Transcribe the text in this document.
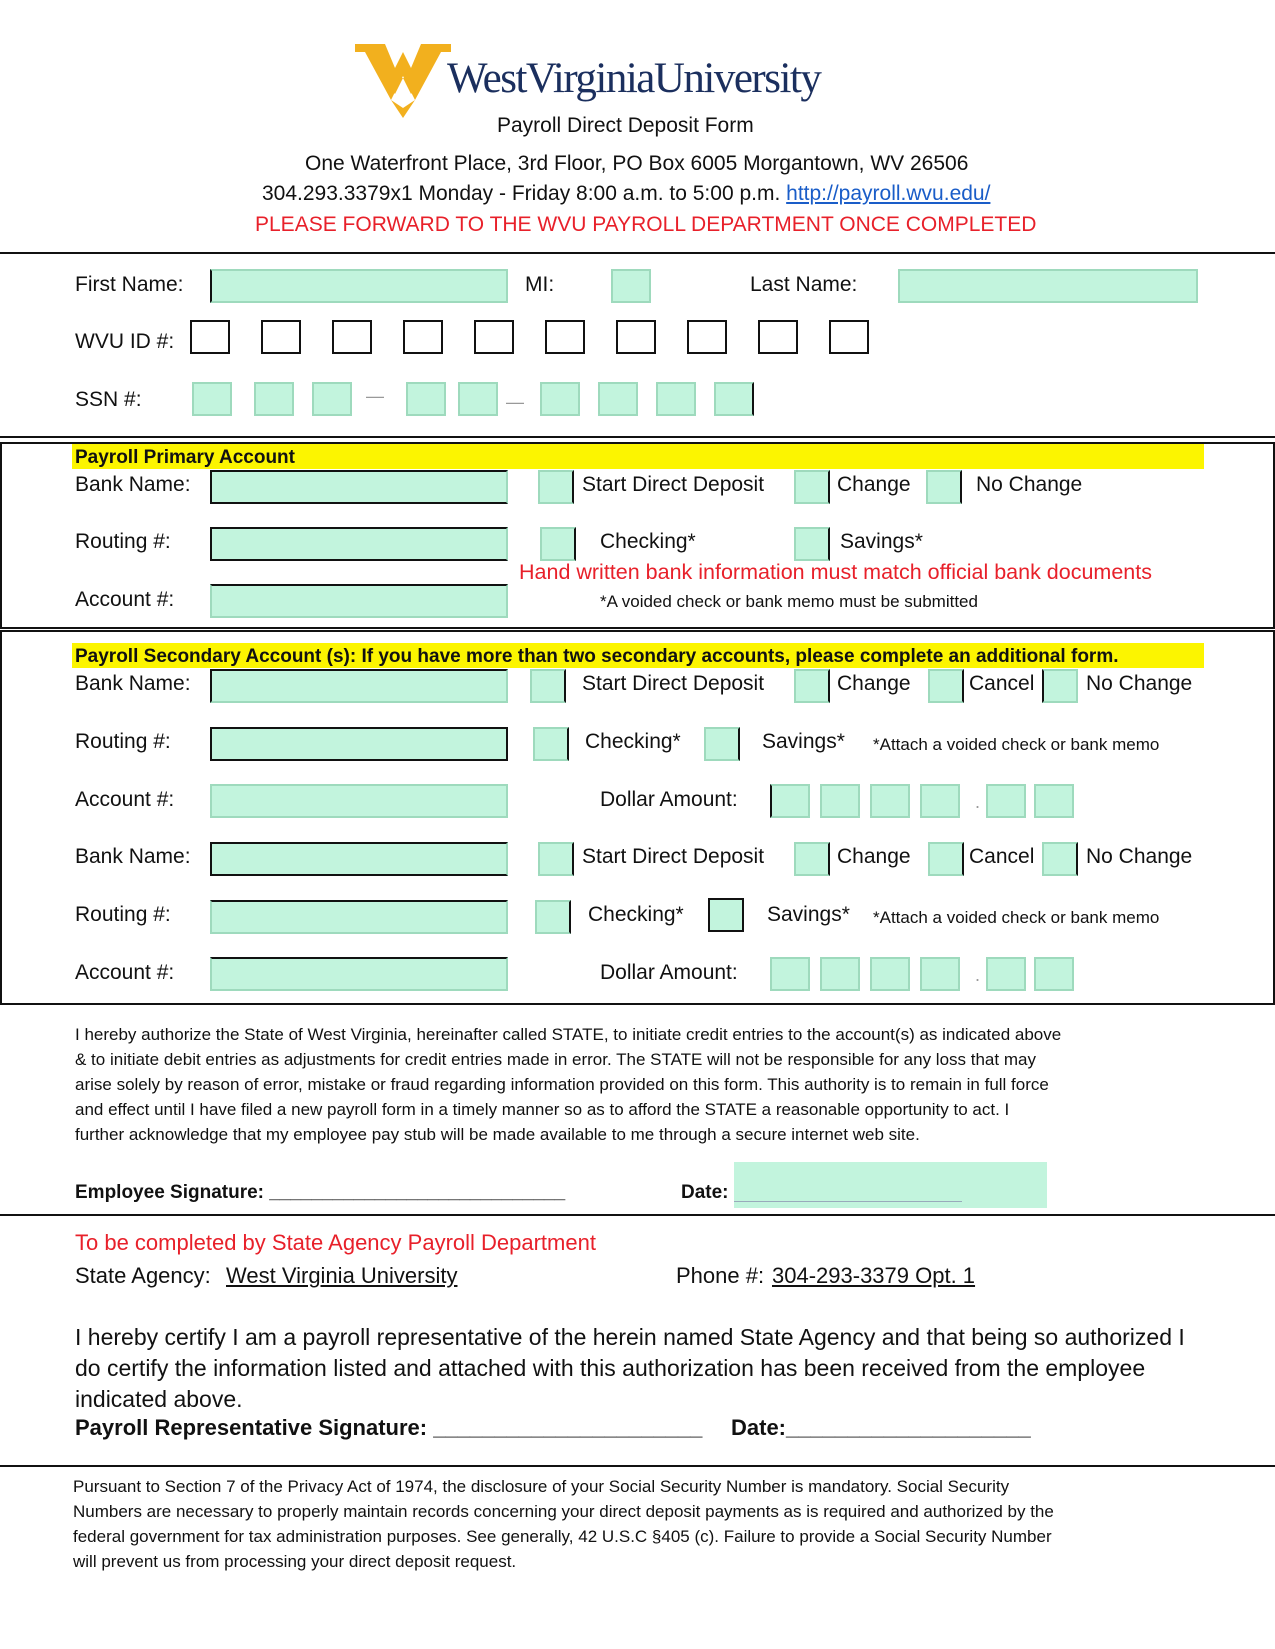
WestVirginiaUniversity
Payroll Direct Deposit Form
One Waterfront Place, 3rd Floor, PO Box 6005 Morgantown, WV 26506
304.293.3379x1 Monday - Friday 8:00 a.m. to 5:00 p.m. http://payroll.wvu.edu/
PLEASE FORWARD TO THE WVU PAYROLL DEPARTMENT ONCE COMPLETED
First Name:	MI:	Last Name:
WVU ID #:
SSN #:	—	—
Payroll Primary Account
Bank Name:	Start Direct Deposit	Change	No Change
Routing #:	Checking*	Savings*
Hand written bank information must match official bank documents
Account #:	*A voided check or bank memo must be submitted
Payroll Secondary Account (s): If you have more than two secondary accounts, please complete an additional form.
Bank Name:	Start Direct Deposit	Change	Cancel No Change
Routing #:	Checking*	Savings* *Attach a voided check or bank memo
Account #:	Dollar Amount:	.
Bank Name:	Start Direct Deposit	Change	Cancel No Change
Routing #:	Checking*	Savings* *Attach a voided check or bank memo
Account #:	Dollar Amount:	.
I hereby authorize the State of West Virginia, hereinafter called STATE, to initiate credit entries to the account(s) as indicated above
& to initiate debit entries as adjustments for credit entries made in error. The STATE will not be responsible for any loss that may
arise solely by reason of error, mistake or fraud regarding information provided on this form. This authority is to remain in full force
and effect until I have filed a new payroll form in a timely manner so as to afford the STATE a reasonable opportunity to act. I
further acknowledge that my employee pay stub will be made available to me through a secure internet web site.
Employee Signature: ____________________________	Date:
To be completed by State Agency Payroll Department
State Agency: West Virginia University	Phone #: 304-293-3379 Opt. 1
I hereby certify I am a payroll representative of the herein named State Agency and that being so authorized I
do certify the information listed and attached with this authorization has been received from the employee
indicated above.
Payroll Representative Signature: ______________________ Date:____________________
Pursuant to Section 7 of the Privacy Act of 1974, the disclosure of your Social Security Number is mandatory. Social Security
Numbers are necessary to properly maintain records concerning your direct deposit payments as is required and authorized by the
federal government for tax administration purposes. See generally, 42 U.S.C §405 (c). Failure to provide a Social Security Number
will prevent us from processing your direct deposit request.
